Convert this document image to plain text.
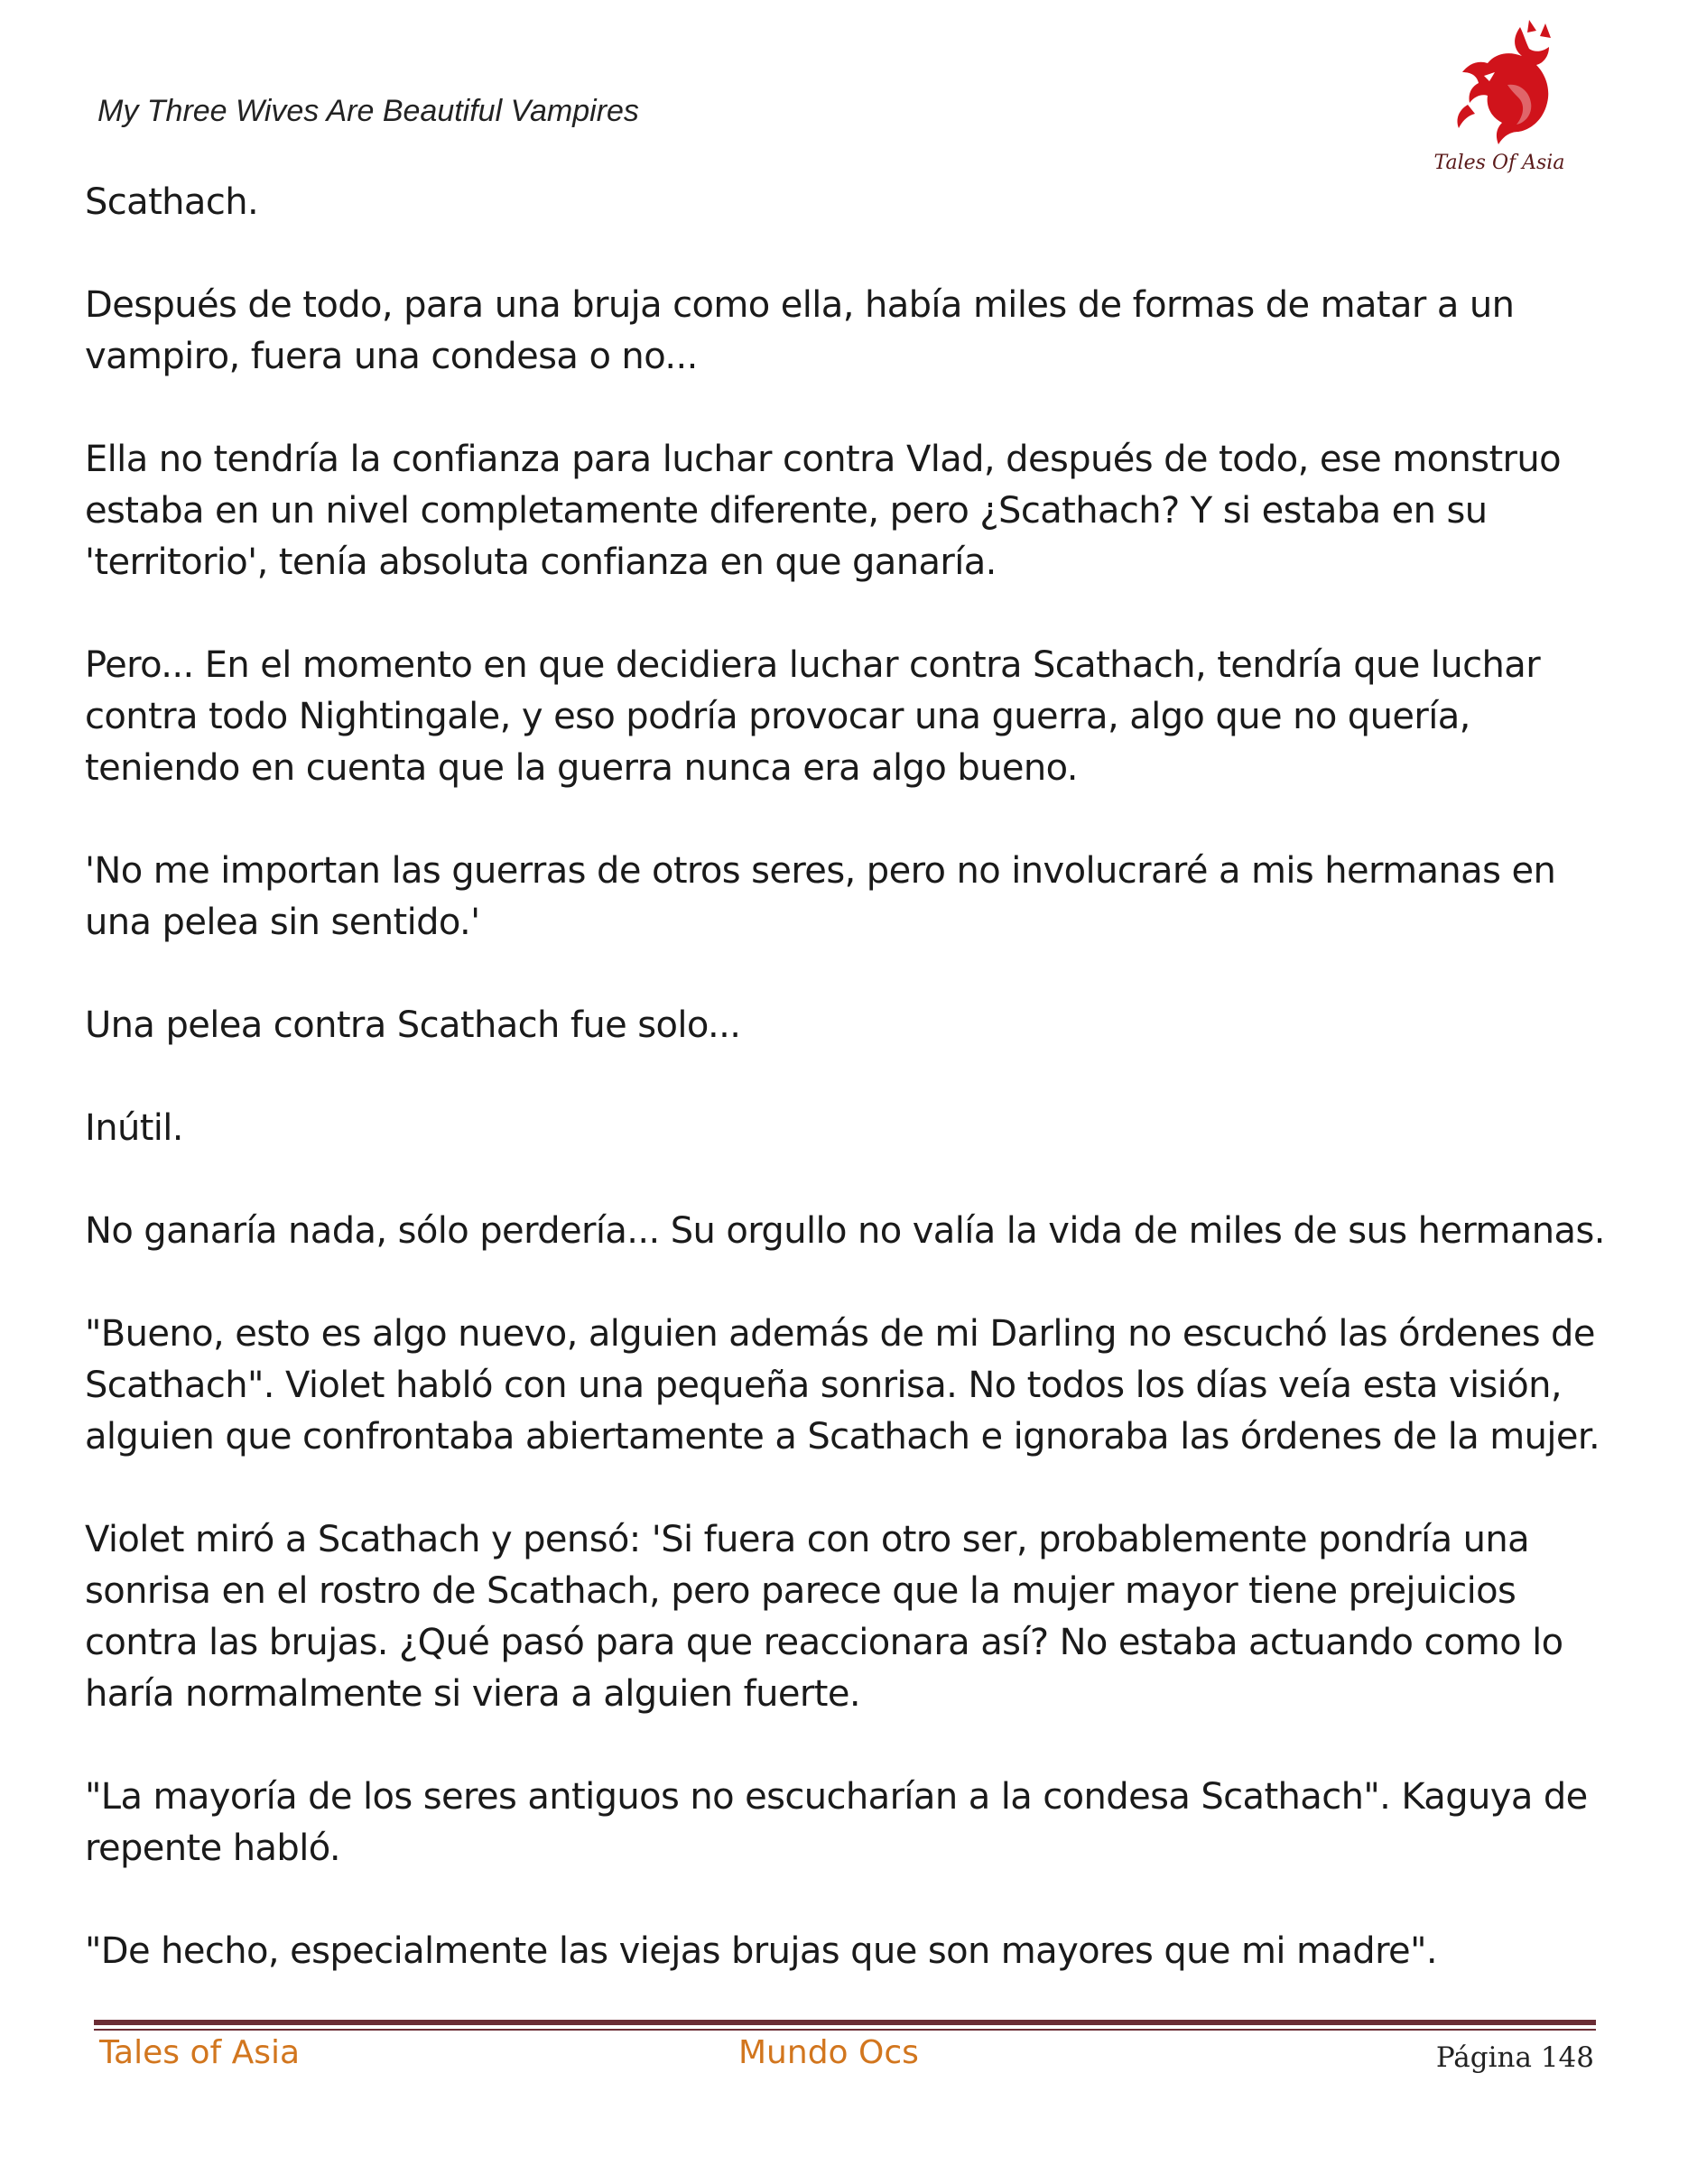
My Three Wives Are Beautiful Vampires
Tales Of Asia

Scathach.

Después de todo, para una bruja como ella, había miles de formas de matar a un vampiro, fuera una condesa o no...

Ella no tendría la confianza para luchar contra Vlad, después de todo, ese monstruo estaba en un nivel completamente diferente, pero ¿Scathach? Y si estaba en su 'territorio', tenía absoluta confianza en que ganaría.

Pero... En el momento en que decidiera luchar contra Scathach, tendría que luchar contra todo Nightingale, y eso podría provocar una guerra, algo que no quería, teniendo en cuenta que la guerra nunca era algo bueno.

'No me importan las guerras de otros seres, pero no involucraré a mis hermanas en una pelea sin sentido.'

Una pelea contra Scathach fue solo...

Inútil.

No ganaría nada, sólo perdería... Su orgullo no valía la vida de miles de sus hermanas.

"Bueno, esto es algo nuevo, alguien además de mi Darling no escuchó las órdenes de Scathach". Violet habló con una pequeña sonrisa. No todos los días veía esta visión, alguien que confrontaba abiertamente a Scathach e ignoraba las órdenes de la mujer.

Violet miró a Scathach y pensó: 'Si fuera con otro ser, probablemente pondría una sonrisa en el rostro de Scathach, pero parece que la mujer mayor tiene prejuicios contra las brujas. ¿Qué pasó para que reaccionara así? No estaba actuando como lo haría normalmente si viera a alguien fuerte.

"La mayoría de los seres antiguos no escucharían a la condesa Scathach". Kaguya de repente habló.

"De hecho, especialmente las viejas brujas que son mayores que mi madre".

Tales of Asia	Mundo Ocs	Página 148
